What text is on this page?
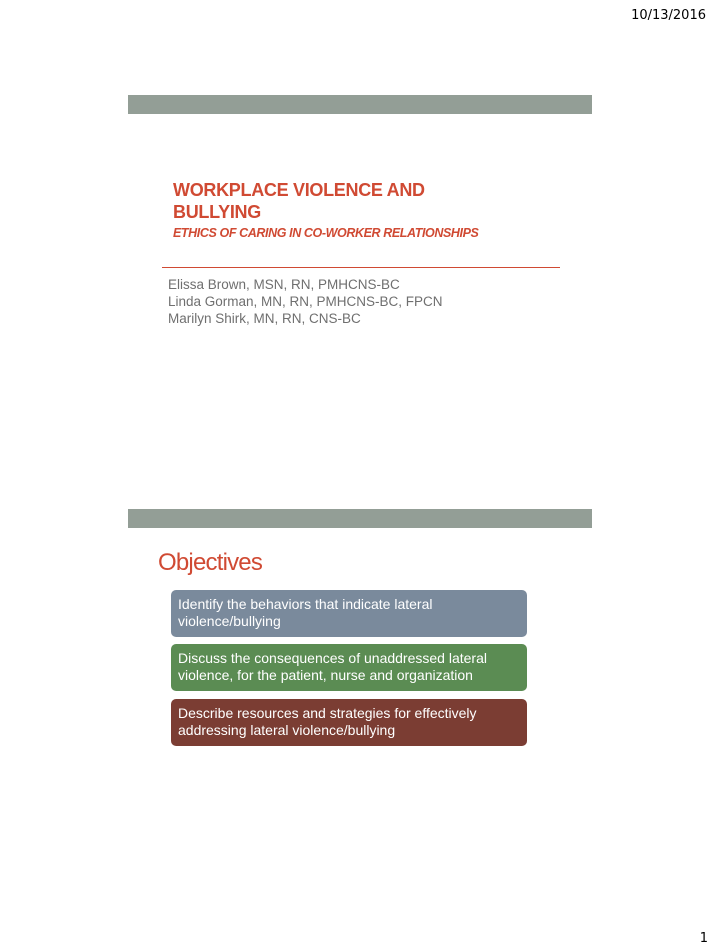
10/13/2016
WORKPLACE VIOLENCE AND BULLYING
ETHICS OF CARING IN CO-WORKER RELATIONSHIPS
Elissa Brown, MSN, RN, PMHCNS-BC
Linda Gorman, MN, RN, PMHCNS-BC, FPCN
Marilyn Shirk, MN, RN, CNS-BC
Objectives
Identify the behaviors that indicate lateral violence/bullying
Discuss the consequences of unaddressed lateral violence, for the patient, nurse and organization
Describe resources and strategies for effectively addressing lateral violence/bullying
1
